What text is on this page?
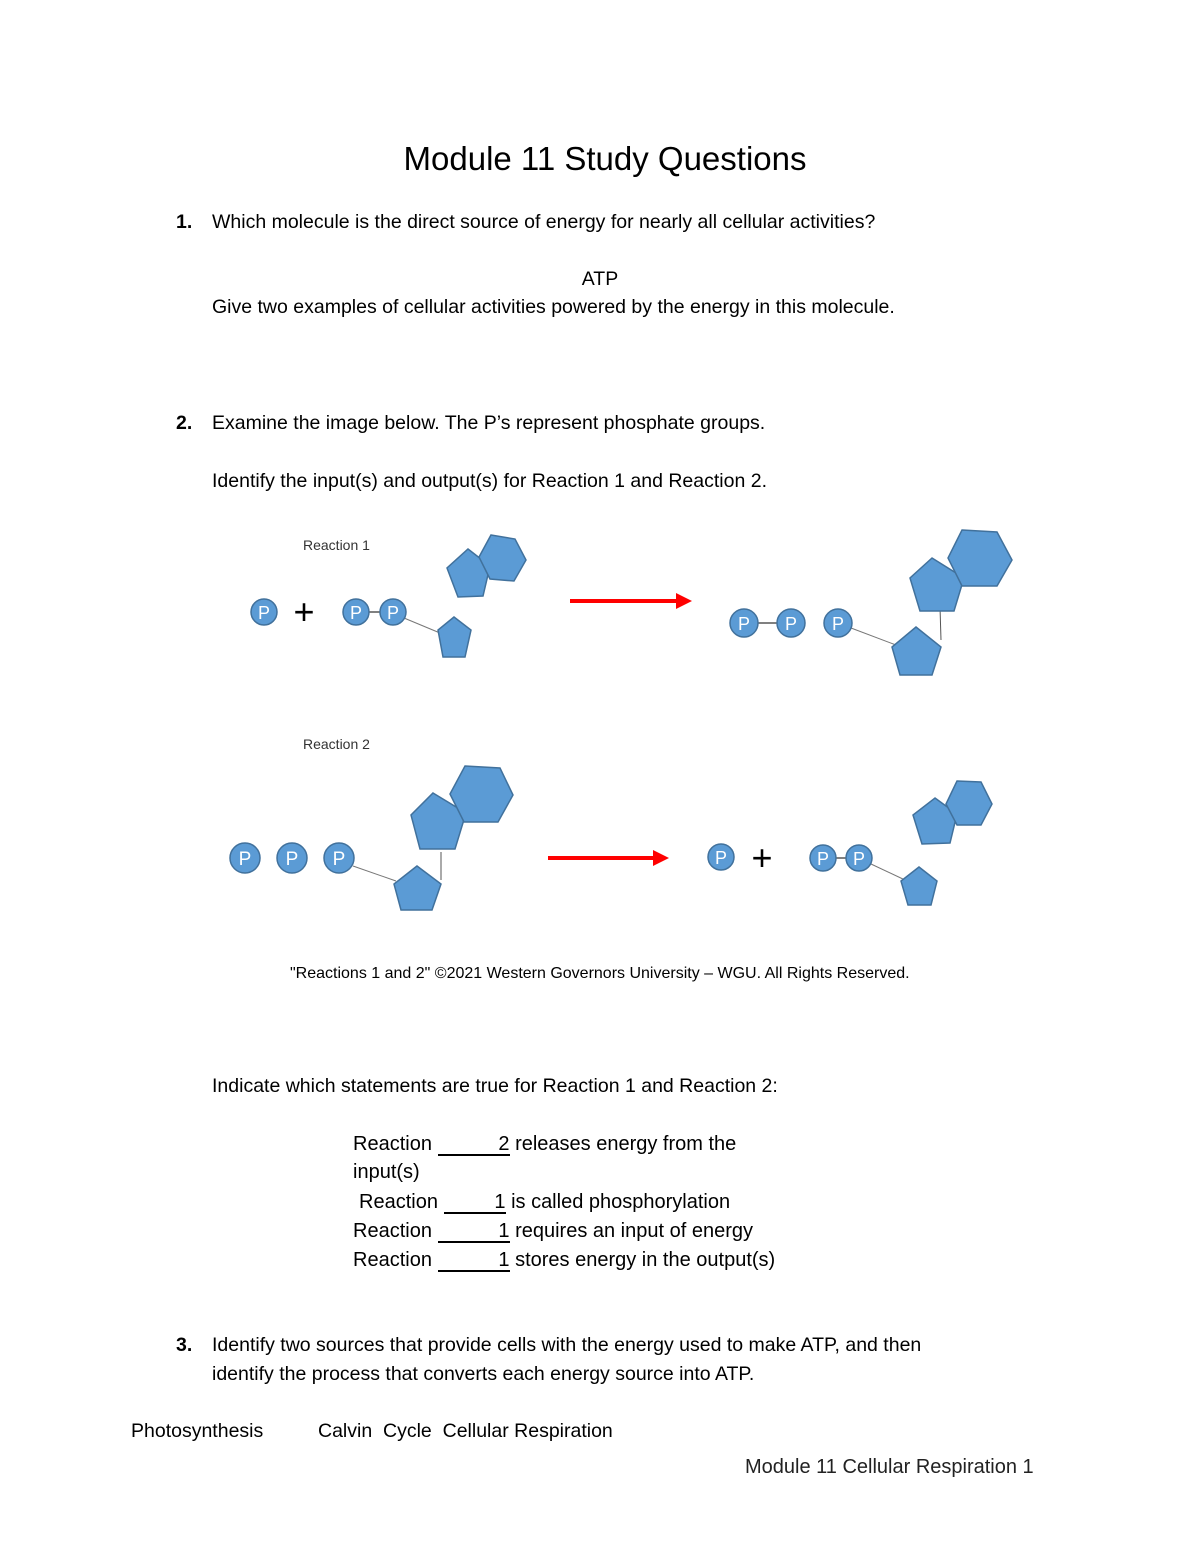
Module 11 Study Questions
1. Which molecule is the direct source of energy for nearly all cellular activities?
ATP
Give two examples of cellular activities powered by the energy in this molecule.
2. Examine the image below. The P’s represent phosphate groups.
Identify the input(s) and output(s) for Reaction 1 and Reaction 2.
Reaction 1
Reaction 2
P + P P
P P P
P P P	P + P P
"Reactions 1 and 2" ©2021 Western Governors University – WGU. All Rights Reserved.
Indicate which statements are true for Reaction 1 and Reaction 2:
Reaction	2 releases energy from the
input(s)
Reaction	1 is called phosphorylation
Reaction	1 requires an input of energy
Reaction	1 stores energy in the output(s)
3. Identify two sources that provide cells with the energy used to make ATP, and then
identify the process that converts each energy source into ATP.
Photosynthesis	Calvin  Cycle  Cellular Respiration
Module 11 Cellular Respiration 1
